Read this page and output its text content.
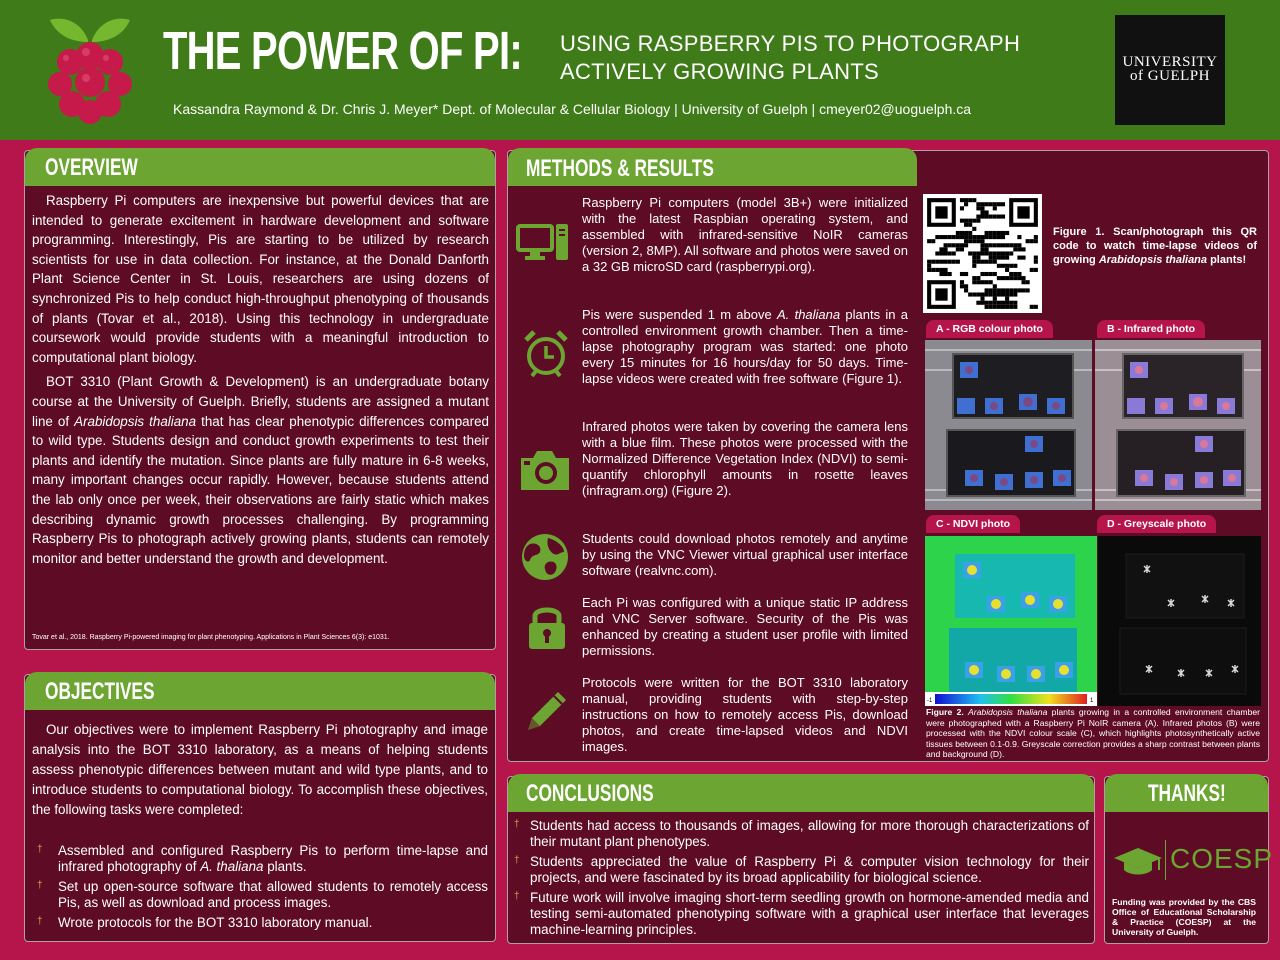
THE POWER OF PI: USING RASPBERRY PIS TO PHOTOGRAPH
ACTIVELY GROWING PLANTS
Kassandra Raymond & Dr. Chris J. Meyer* Dept. of Molecular & Cellular Biology | University of Guelph | cmeyer02@uoguelph.ca
UNIVERSITY
of GUELPH
OVERVIEW

Raspberry Pi computers are inexpensive but powerful devices that are intended to generate excitement in hardware development and software programming. Interestingly, Pis are starting to be utilized by research scientists for use in data collection. For instance, at the Donald Danforth Plant Science Center in St. Louis, researchers are using dozens of synchronized Pis to help conduct high-throughput phenotyping of thousands of plants (Tovar et al., 2018). Using this technology in undergraduate coursework would provide students with a meaningful introduction to computational plant biology.

BOT 3310 (Plant Growth & Development) is an undergraduate botany course at the University of Guelph. Briefly, students are assigned a mutant line of Arabidopsis thaliana that has clear phenotypic differences compared to wild type. Students design and conduct growth experiments to test their plants and identify the mutation. Since plants are fully mature in 6-8 weeks, many important changes occur rapidly. However, because students attend the lab only once per week, their observations are fairly static which makes describing dynamic growth processes challenging. By programming Raspberry Pis to photograph actively growing plants, students can remotely monitor and better understand the growth and development.

Tovar et al., 2018. Raspberry Pi-powered imaging for plant phenotyping. Applications in Plant Sciences 6(3): e1031.
OBJECTIVES
Our objectives were to implement Raspberry Pi photography and image analysis into the BOT 3310 laboratory, as a means of helping students assess phenotypic differences between mutant and wild type plants, and to introduce students to computational biology. To accomplish these objectives, the following tasks were completed:
† Assembled and configured Raspberry Pis to perform time-lapse and infrared photography of A. thaliana plants.
† Set up open-source software that allowed students to remotely access Pis, as well as download and process images.
† Wrote protocols for the BOT 3310 laboratory manual.
METHODS & RESULTS
Raspberry Pi computers (model 3B+) were initialized with the latest Raspbian operating system, and assembled with infrared-sensitive NoIR cameras (version 2, 8MP). All software and photos were saved on a 32 GB microSD card (raspberrypi.org).
Pis were suspended 1 m above A. thaliana plants in a controlled environment growth chamber. Then a time-lapse photography program was started: one photo every 15 minutes for 16 hours/day for 50 days. Time-lapse videos were created with free software (Figure 1).
Infrared photos were taken by covering the camera lens with a blue film. These photos were processed with the Normalized Difference Vegetation Index (NDVI) to semi-quantify chlorophyll amounts in rosette leaves (infragram.org) (Figure 2).
Students could download photos remotely and anytime by using the VNC Viewer virtual graphical user interface software (realvnc.com).
Each Pi was configured with a unique static IP address and VNC Server software. Security of the Pis was enhanced by creating a student user profile with limited permissions.
Protocols were written for the BOT 3310 laboratory manual, providing students with step-by-step instructions on how to remotely access Pis, download photos, and create time-lapsed videos and NDVI images.
Figure 1. Scan/photograph this QR code to watch time-lapse videos of growing Arabidopsis thaliana plants!
A - RGB colour photo	B - Infrared photo
C - NDVI photo	D - Greyscale photo
-1	1
Figure 2. Arabidopsis thaliana plants growing in a controlled environment chamber were photographed with a Raspberry Pi NoIR camera (A). Infrared photos (B) were processed with the NDVI colour scale (C), which highlights photosynthetically active tissues between 0.1-0.9. Greyscale correction provides a sharp contrast between plants and background (D).
CONCLUSIONS
† Students had access to thousands of images, allowing for more thorough characterizations of their mutant plant phenotypes.
† Students appreciated the value of Raspberry Pi & computer vision technology for their projects, and were fascinated by its broad applicability for biological science.
† Future work will involve imaging short-term seedling growth on hormone-amended media and testing semi-automated phenotyping software with a graphical user interface that leverages machine-learning principles.
THANKS!
COESP
Funding was provided by the CBS Office of Educational Scholarship & Practice (COESP) at the University of Guelph.
